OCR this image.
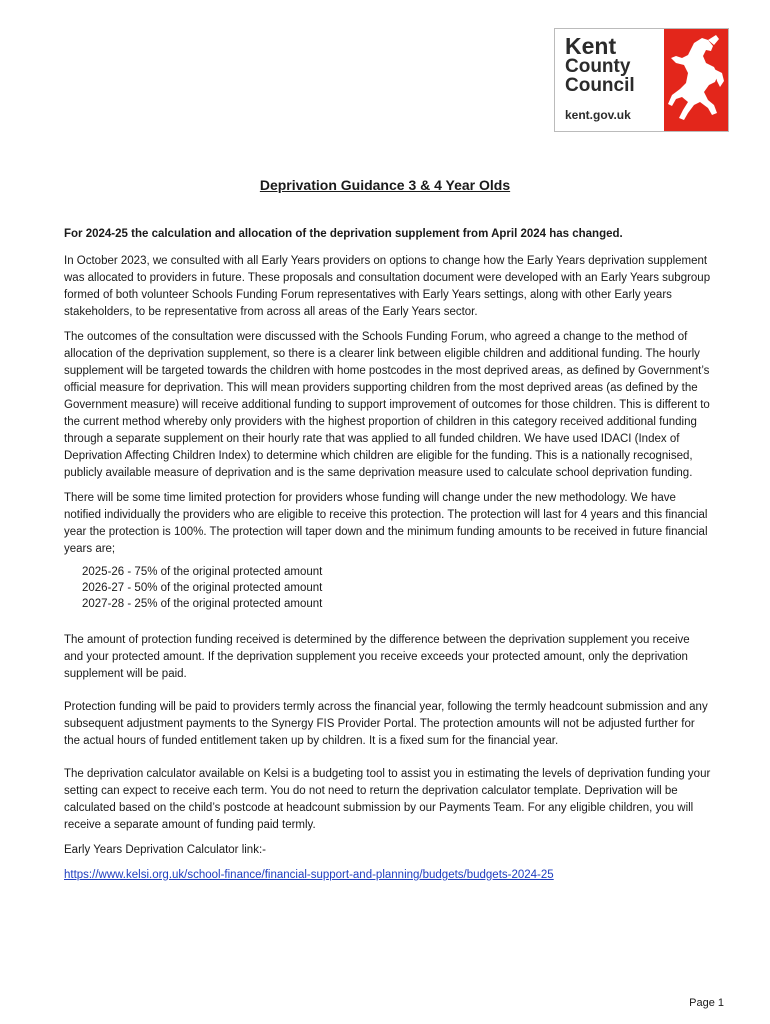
Kent
County
Council
kent.gov.uk
Deprivation Guidance 3 & 4 Year Olds

For 2024-25 the calculation and allocation of the deprivation supplement from April 2024 has changed.

In October 2023, we consulted with all Early Years providers on options to change how the Early Years deprivation supplement was allocated to providers in future. These proposals and consultation document were developed with an Early Years subgroup formed of both volunteer Schools Funding Forum representatives with Early Years settings, along with other Early years stakeholders, to be representative from across all areas of the Early Years sector.

The outcomes of the consultation were discussed with the Schools Funding Forum, who agreed a change to the method of allocation of the deprivation supplement, so there is a clearer link between eligible children and additional funding. The hourly supplement will be targeted towards the children with home postcodes in the most deprived areas, as defined by Government’s official measure for deprivation. This will mean providers supporting children from the most deprived areas (as defined by the Government measure) will receive additional funding to support improvement of outcomes for those children. This is different to the current method whereby only providers with the highest proportion of children in this category received additional funding through a separate supplement on their hourly rate that was applied to all funded children. We have used IDACI (Index of Deprivation Affecting Children Index) to determine which children are eligible for the funding. This is a nationally recognised, publicly available measure of deprivation and is the same deprivation measure used to calculate school deprivation funding.

There will be some time limited protection for providers whose funding will change under the new methodology. We have notified individually the providers who are eligible to receive this protection. The protection will last for 4 years and this financial year the protection is 100%. The protection will taper down and the minimum funding amounts to be received in future financial years are;

2025-26 - 75% of the original protected amount
2026-27 - 50% of the original protected amount
2027-28 - 25% of the original protected amount

The amount of protection funding received is determined by the difference between the deprivation supplement you receive and your protected amount. If the deprivation supplement you receive exceeds your protected amount, only the deprivation supplement will be paid.

Protection funding will be paid to providers termly across the financial year, following the termly headcount submission and any subsequent adjustment payments to the Synergy FIS Provider Portal. The protection amounts will not be adjusted further for the actual hours of funded entitlement taken up by children. It is a fixed sum for the financial year.

The deprivation calculator available on Kelsi is a budgeting tool to assist you in estimating the levels of deprivation funding your setting can expect to receive each term. You do not need to return the deprivation calculator template. Deprivation will be calculated based on the child’s postcode at headcount submission by our Payments Team. For any eligible children, you will receive a separate amount of funding paid termly.

Early Years Deprivation Calculator link:-

https://www.kelsi.org.uk/school-finance/financial-support-and-planning/budgets/budgets-2024-25

Page 1
